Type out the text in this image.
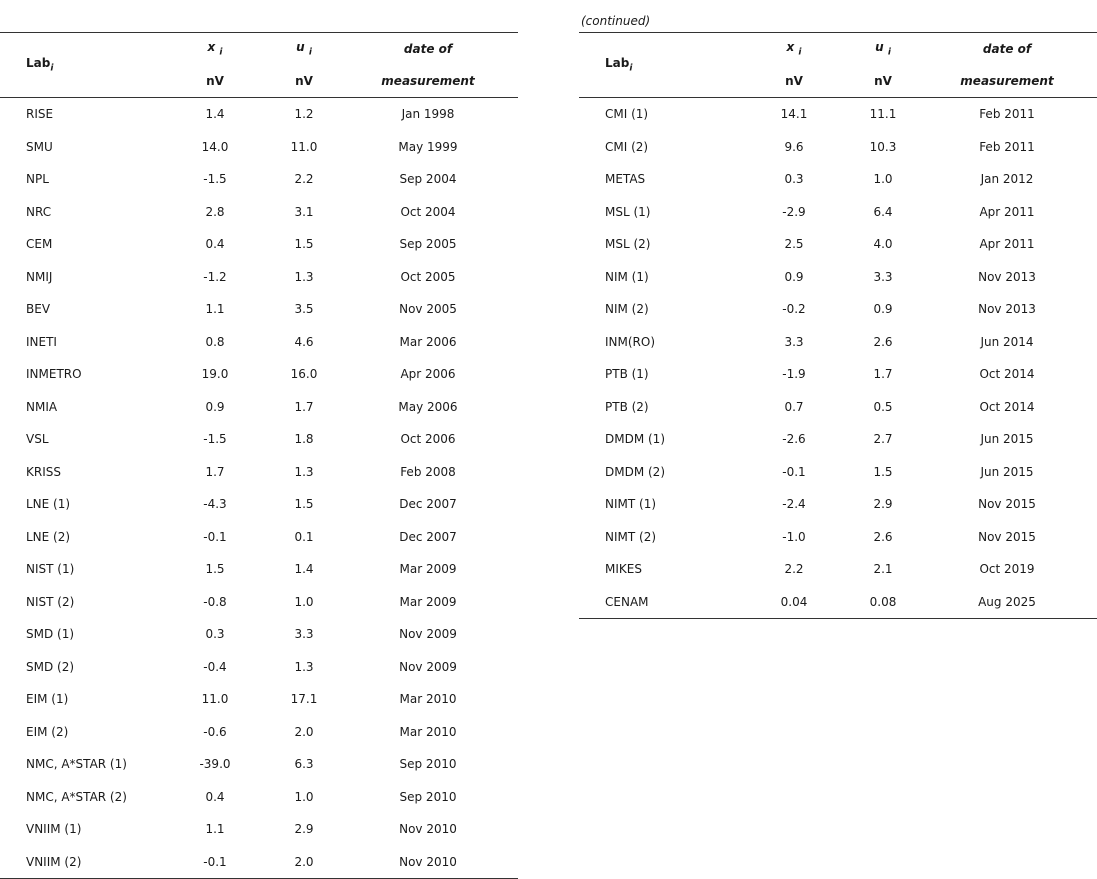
(continued)
Lab$_i$	x $_i$	u $_i$	date of
	nV	nV	measurement
RISE	1.4	1.2	Jan 1998
SMU	14.0	11.0	May 1999
NPL	-1.5	2.2	Sep 2004
NRC	2.8	3.1	Oct 2004
CEM	0.4	1.5	Sep 2005
NMIJ	-1.2	1.3	Oct 2005
BEV	1.1	3.5	Nov 2005
INETI	0.8	4.6	Mar 2006
INMETRO	19.0	16.0	Apr 2006
NMIA	0.9	1.7	May 2006
VSL	-1.5	1.8	Oct 2006
KRISS	1.7	1.3	Feb 2008
LNE (1)	-4.3	1.5	Dec 2007
LNE (2)	-0.1	0.1	Dec 2007
NIST (1)	1.5	1.4	Mar 2009
NIST (2)	-0.8	1.0	Mar 2009
SMD (1)	0.3	3.3	Nov 2009
SMD (2)	-0.4	1.3	Nov 2009
EIM (1)	11.0	17.1	Mar 2010
EIM (2)	-0.6	2.0	Mar 2010
NMC, A*STAR (1)	-39.0	6.3	Sep 2010
NMC, A*STAR (2)	0.4	1.0	Sep 2010
VNIIM (1)	1.1	2.9	Nov 2010
VNIIM (2)	-0.1	2.0	Nov 2010
Lab$_i$	x $_i$	u $_i$	date of
	nV	nV	measurement
CMI (1)	14.1	11.1	Feb 2011
CMI (2)	9.6	10.3	Feb 2011
METAS	0.3	1.0	Jan 2012
MSL (1)	-2.9	6.4	Apr 2011
MSL (2)	2.5	4.0	Apr 2011
NIM (1)	0.9	3.3	Nov 2013
NIM (2)	-0.2	0.9	Nov 2013
INM(RO)	3.3	2.6	Jun 2014
PTB (1)	-1.9	1.7	Oct 2014
PTB (2)	0.7	0.5	Oct 2014
DMDM (1)	-2.6	2.7	Jun 2015
DMDM (2)	-0.1	1.5	Jun 2015
NIMT (1)	-2.4	2.9	Nov 2015
NIMT (2)	-1.0	2.6	Nov 2015
MIKES	2.2	2.1	Oct 2019
CENAM	0.04	0.08	Aug 2025
